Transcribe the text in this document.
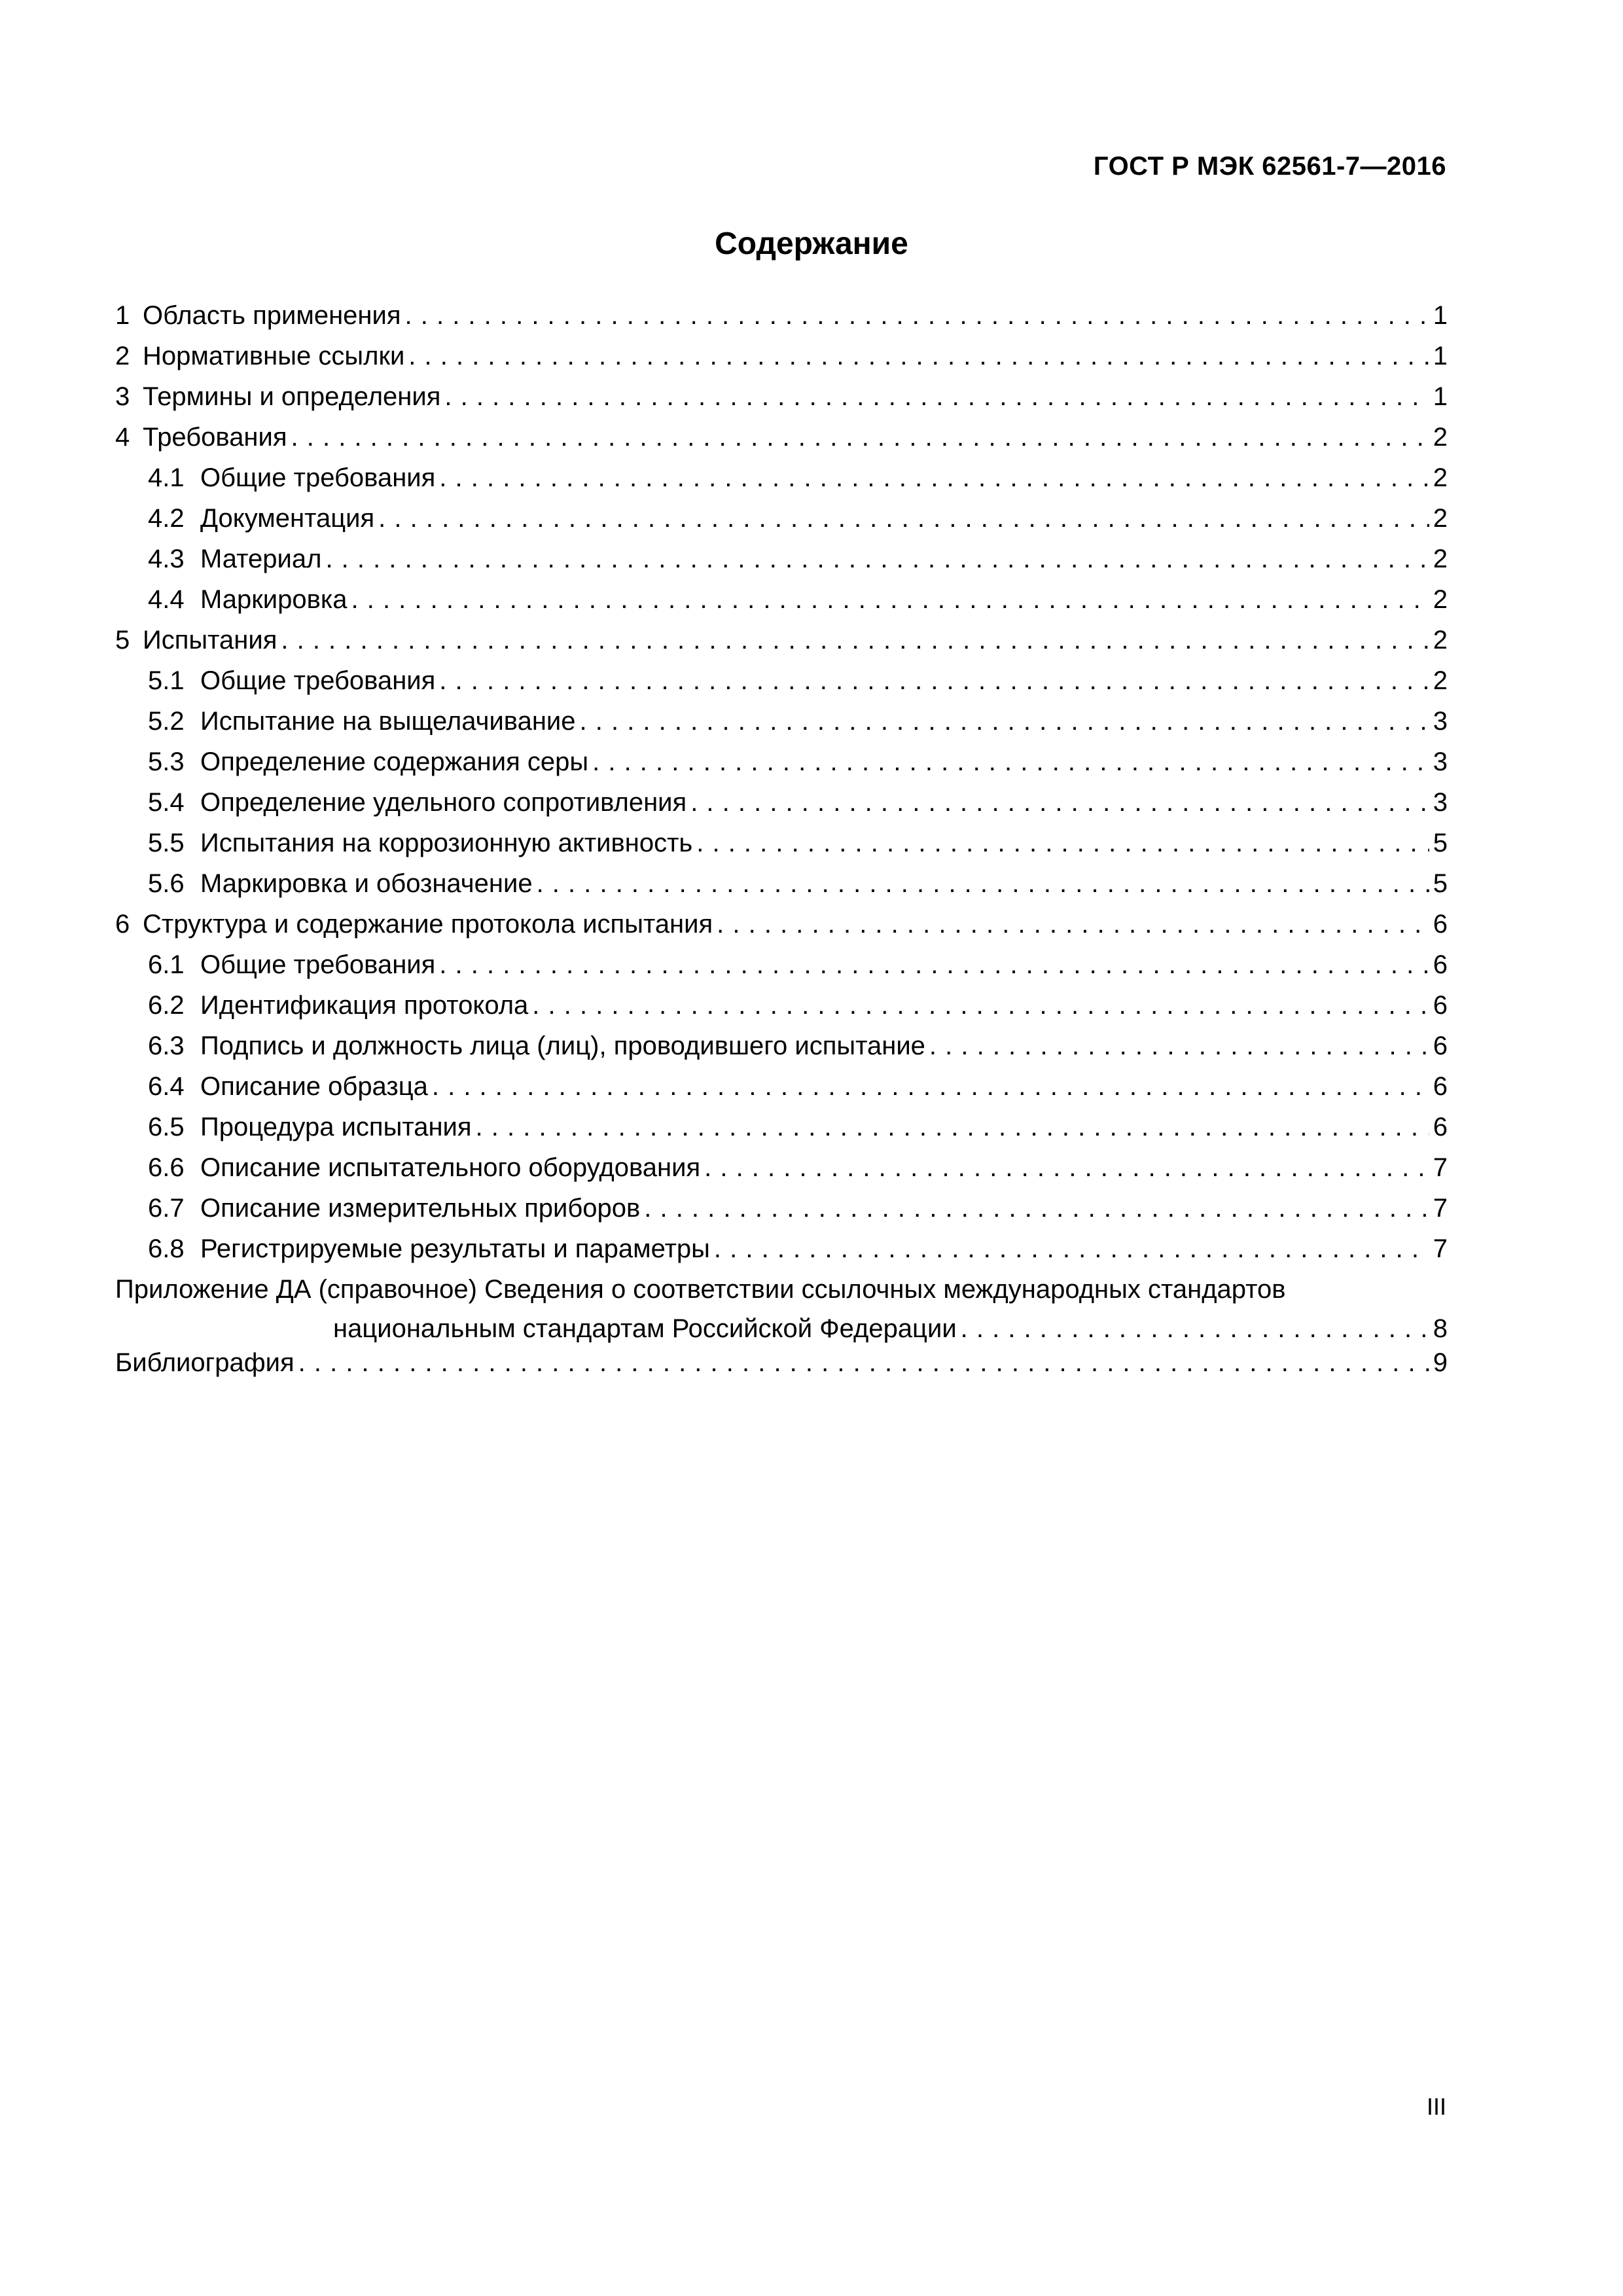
ГОСТ Р МЭК 62561-7—2016
Содержание
1 Область применения . . .	1
2 Нормативные ссылки . . .	1
3 Термины и определения . . .	1
4 Требования . . .	2
4.1 Общие требования . . .	2
4.2 Документация . . .	2
4.3 Материал . . .	2
4.4 Маркировка . . .	2
5 Испытания . . .	2
5.1 Общие требования . . .	2
5.2 Испытание на выщелачивание . . .	3
5.3 Определение содержания серы . . .	3
5.4 Определение удельного сопротивления . . .	3
5.5 Испытания на коррозионную активность . . .	5
5.6 Маркировка и обозначение . . .	5
6 Структура и содержание протокола испытания . . .	6
6.1 Общие требования . . .	6
6.2 Идентификация протокола . . .	6
6.3 Подпись и должность лица (лиц), проводившего испытание . . .	6
6.4 Описание образца . . .	6
6.5 Процедура испытания . . .	6
6.6 Описание испытательного оборудования . . .	7
6.7 Описание измерительных приборов . . .	7
6.8 Регистрируемые результаты и параметры . . .	7
Приложение ДА (справочное) Сведения о соответствии ссылочных международных стандартов
национальным стандартам Российской Федерации . . .	8
Библиография . . .	9
III
